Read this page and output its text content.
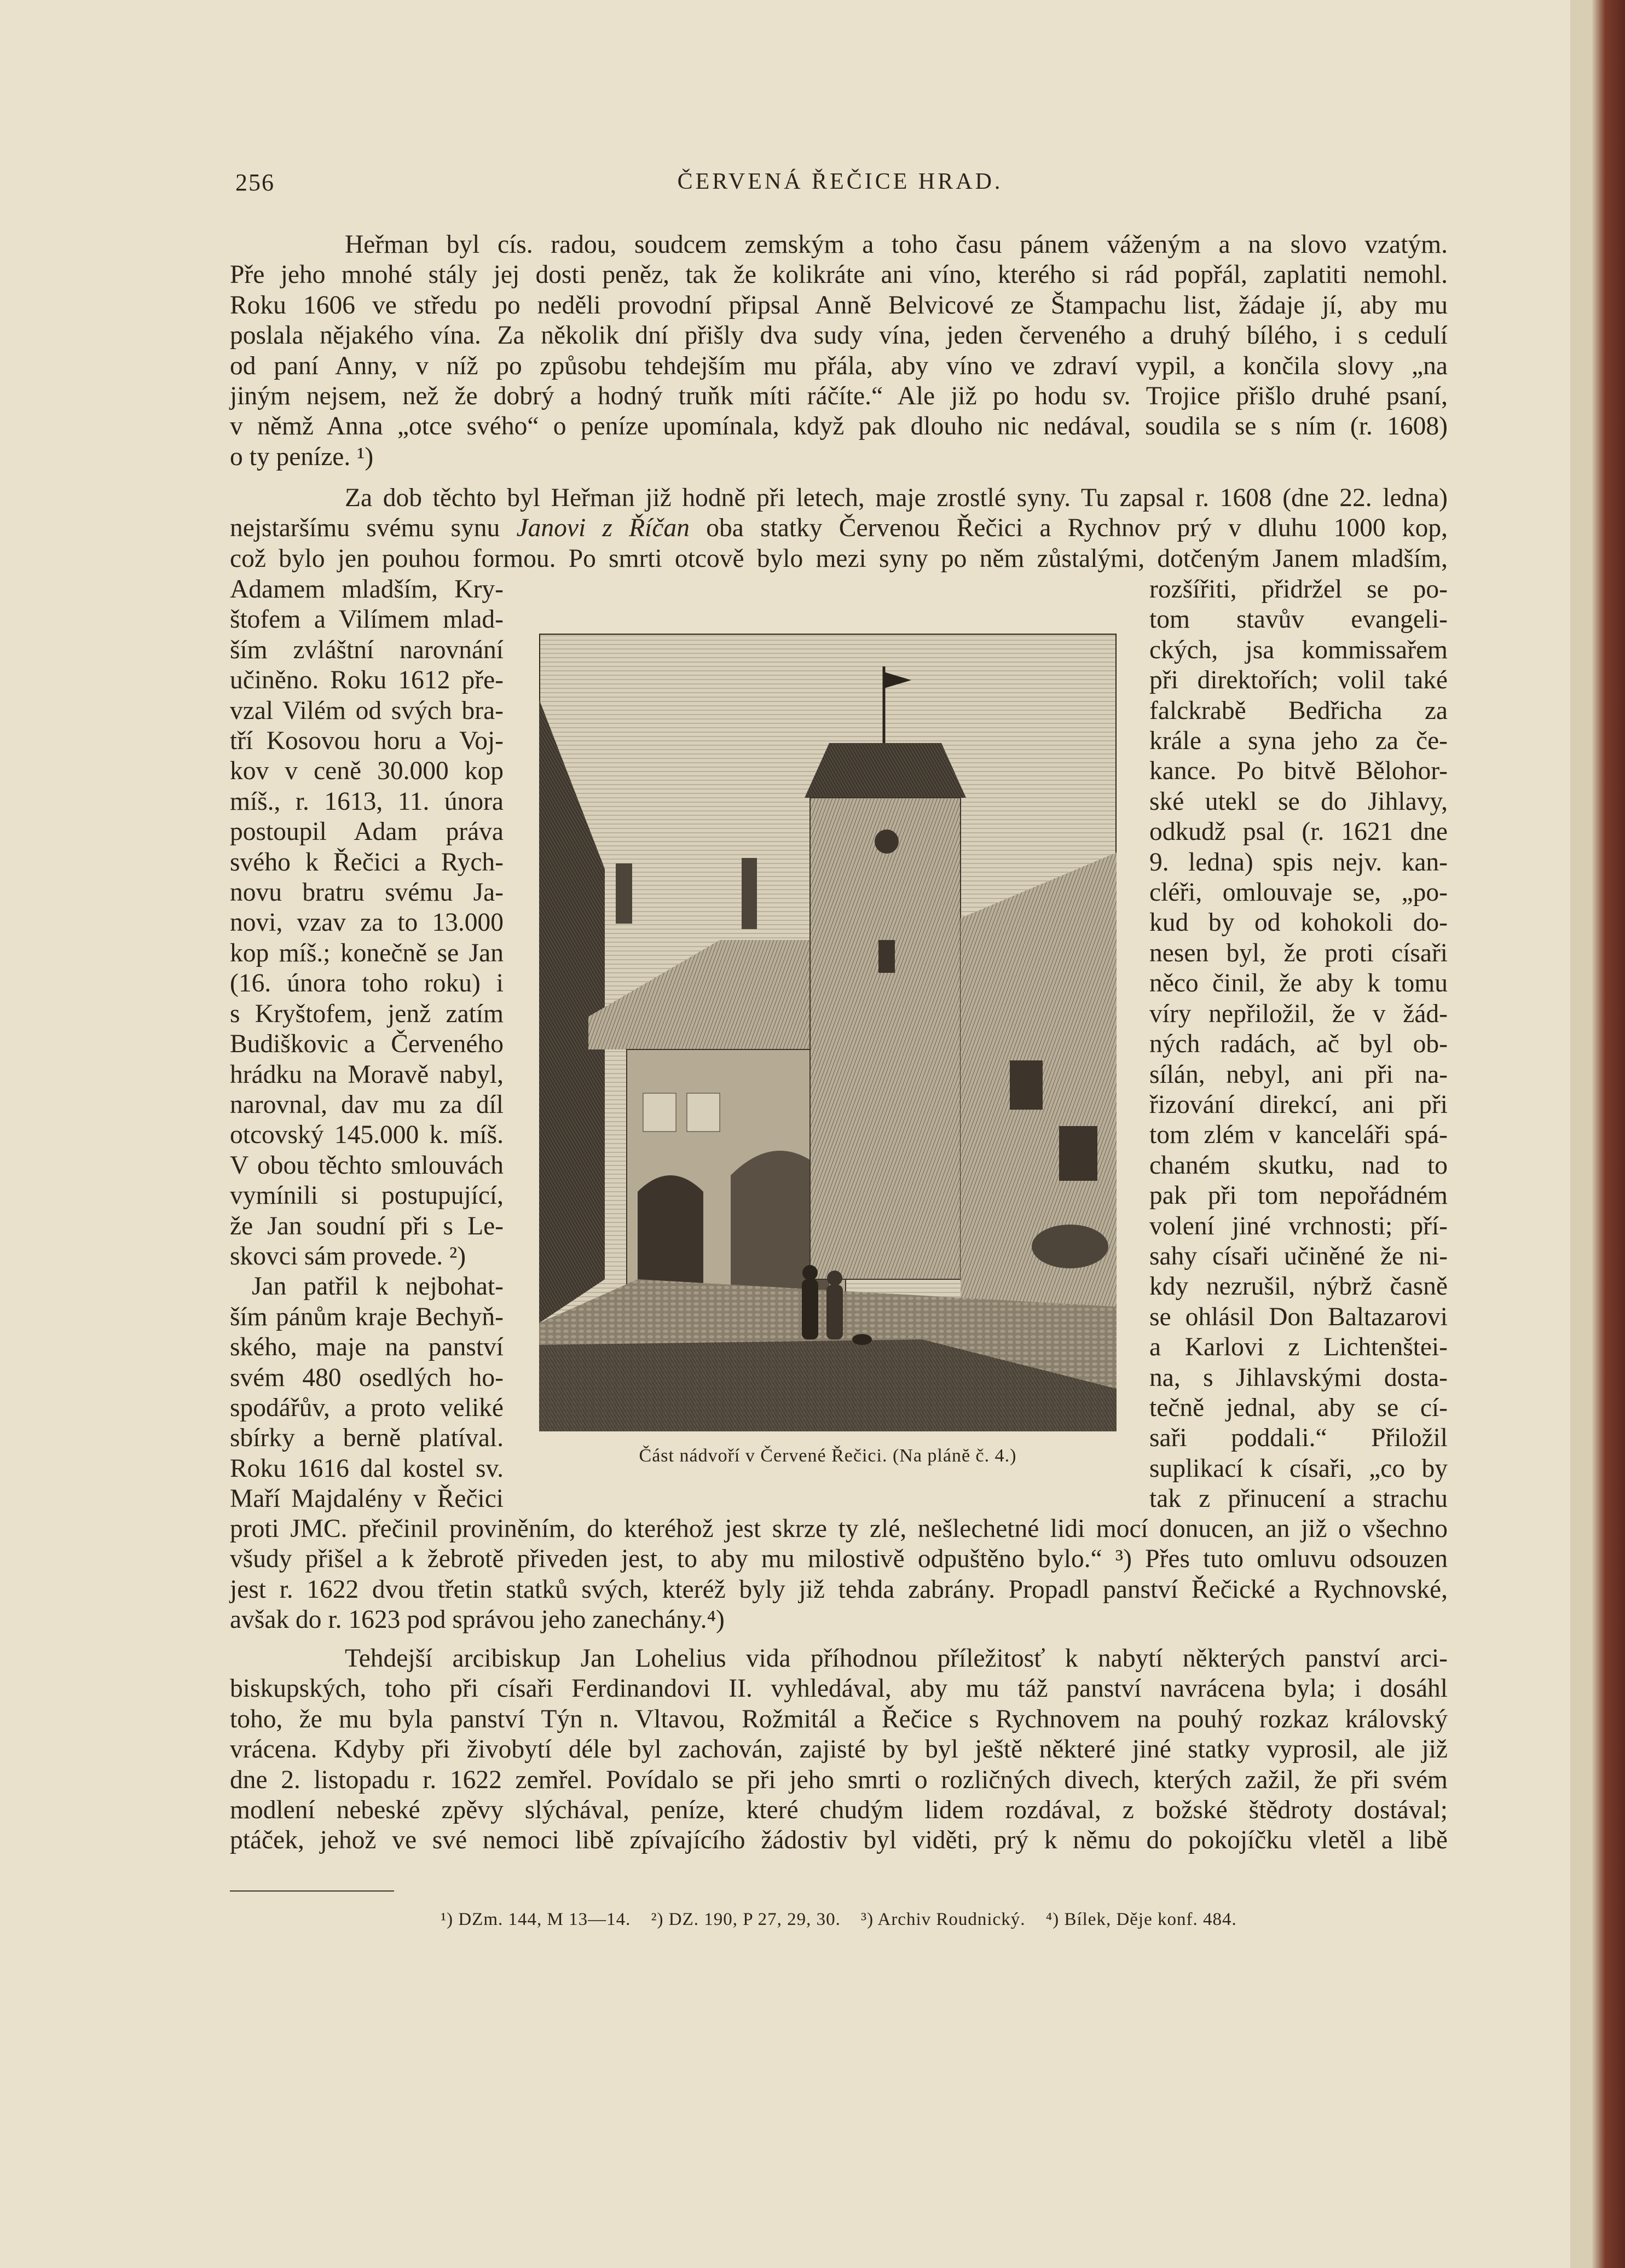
256	ČERVENÁ ŘEČICE HRAD.
Heřman byl cís. radou, soudcem zemským a toho času pánem váženým a na slovo vzatým.
Pře jeho mnohé stály jej dosti peněz, tak že kolikráte ani víno, kterého si rád popřál, zaplatiti nemohl.
Roku 1606 ve středu po neděli provodní připsal Anně Belvicové ze Štampachu list, žádaje jí, aby mu
poslala nějakého vína. Za několik dní přišly dva sudy vína, jeden červeného a druhý bílého, i s cedulí
od paní Anny, v níž po způsobu tehdejším mu přála, aby víno ve zdraví vypil, a končila slovy „na
jiným nejsem, než že dobrý a hodný truňk míti ráčíte.“ Ale již po hodu sv. Trojice přišlo druhé psaní,
v němž Anna „otce svého“ o peníze upomínala, když pak dlouho nic nedával, soudila se s ním (r. 1608)
o ty peníze. ¹)
Za dob těchto byl Heřman již hodně při letech, maje zrostlé syny. Tu zapsal r. 1608 (dne 22. ledna)
nejstaršímu svému synu Janovi z Říčan oba statky Červenou Řečici a Rychnov prý v dluhu 1000 kop,
což bylo jen pouhou formou. Po smrti otcově bylo mezi syny po něm zůstalými, dotčeným Janem mladším,
Adamem mladším, Kry-
štofem a Vilímem mlad-
ším zvláštní narovnání
učiněno. Roku 1612 pře-
vzal Vilém od svých bra-
tří Kosovou horu a Voj-
kov v ceně 30.000 kop
míš., r. 1613, 11. února
postoupil Adam práva
svého k Řečici a Rych-
novu bratru svému Ja-
novi, vzav za to 13.000
kop míš.; konečně se Jan
(16. února toho roku) i
s Kryštofem, jenž zatím
Budiškovic a Červeného
hrádku na Moravě nabyl,
narovnal, dav mu za díl
otcovský 145.000 k. míš.
V obou těchto smlouvách
vymínili si postupující,
že Jan soudní při s Le-
skovci sám provede. ²)
Jan patřil k nejbohat-
ším pánům kraje Bechyň-
ského, maje na panství
svém 480 osedlých ho-
spodářův, a proto veliké
sbírky a berně platíval.
Roku 1616 dal kostel sv.
Maří Majdalény v Řečici
Část nádvoří v Červené Řečici. (Na plánĕ č. 4.)
rozšířiti, přidržel se po-
tom stavův evangeli-
ckých, jsa kommissařem
při direktořích; volil také
falckrabě Bedřicha za
krále a syna jeho za če-
kance. Po bitvě Bělohor-
ské utekl se do Jihlavy,
odkudž psal (r. 1621 dne
9. ledna) spis nejv. kan-
cléři, omlouvaje se, „po-
kud by od kohokoli do-
nesen byl, že proti císaři
něco činil, že aby k tomu
víry nepřiložil, že v žád-
ných radách, ač byl ob-
sílán, nebyl, ani při na-
řizování direkcí, ani při
tom zlém v kanceláři spá-
chaném skutku, nad to
pak při tom nepořádném
volení jiné vrchnosti; pří-
sahy císaři učiněné že ni-
kdy nezrušil, nýbrž časně
se ohlásil Don Baltazarovi
a Karlovi z Lichtenštei-
na, s Jihlavskými dosta-
tečně jednal, aby se cí-
saři poddali.“ Přiložil
suplikací k císaři, „co by
tak z přinucení a strachu
proti JMC. přečinil proviněním, do kteréhož jest skrze ty zlé, nešlechetné lidi mocí donucen, an již o všechno
všudy přišel a k žebrotě přiveden jest, to aby mu milostivě odpuštěno bylo.“ ³) Přes tuto omluvu odsouzen
jest r. 1622 dvou třetin statků svých, kteréž byly již tehda zabrány. Propadl panství Řečické a Rychnovské,
avšak do r. 1623 pod správou jeho zanechány.⁴)
Tehdejší arcibiskup Jan Lohelius vida příhodnou příležitosť k nabytí některých panství arci-
biskupských, toho při císaři Ferdinandovi II. vyhledával, aby mu táž panství navrácena byla; i dosáhl
toho, že mu byla panství Týn n. Vltavou, Rožmitál a Řečice s Rychnovem na pouhý rozkaz královský
vrácena. Kdyby při živobytí déle byl zachován, zajisté by byl ještě některé jiné statky vyprosil, ale již
dne 2. listopadu r. 1622 zemřel. Povídalo se při jeho smrti o rozličných divech, kterých zažil, že při svém
modlení nebeské zpěvy slýchával, peníze, které chudým lidem rozdával, z božské štědroty dostával;
ptáček, jehož ve své nemoci libě zpívajícího žádostiv byl viděti, prý k němu do pokojíčku vletěl a libě
¹) DZm. 144, M 13—14. ²) DZ. 190, P 27, 29, 30. ³) Archiv Roudnický. ⁴) Bílek, Děje konf. 484.
